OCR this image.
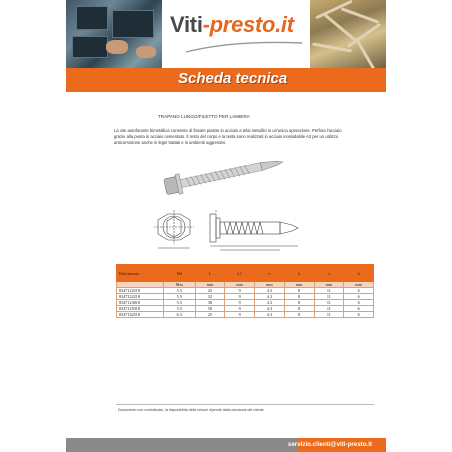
Viti-presto.it
Scheda tecnica
TRAPANO LUNGO/FILETTO PER LAMIERA
La vite autoforante bimetallica consente di fissare piastre in acciaio a telai metallici in un'unica operazione. Perfora l'acciaio grazie alla punta in acciaio cementato. Il resto del corpo e la testa sono realizzati in acciaio inossidabile A2 per un utilizzo anticorrosione anche in legni trattati e in ambienti aggressivi.
Riferimento	Ød	L	L1	e	k	s	b
	Mm	mm	mm	mm	mm	mm	mm
8347122518	5.5	25	9	4.3	8	11	6
8347122218	5.5	32	9	4.3	8	11	6
8347123818	5.5	38	9	4.3	8	11	6
8347125018	5.5	50	9	4.3	8	11	6
8347142518	6.3	25	9	4.3	8	11	6
Documento non contrattuale, la disponibilità delle misure dipende dalla domanda del cliente.
servizio.clienti@viti-presto.it
